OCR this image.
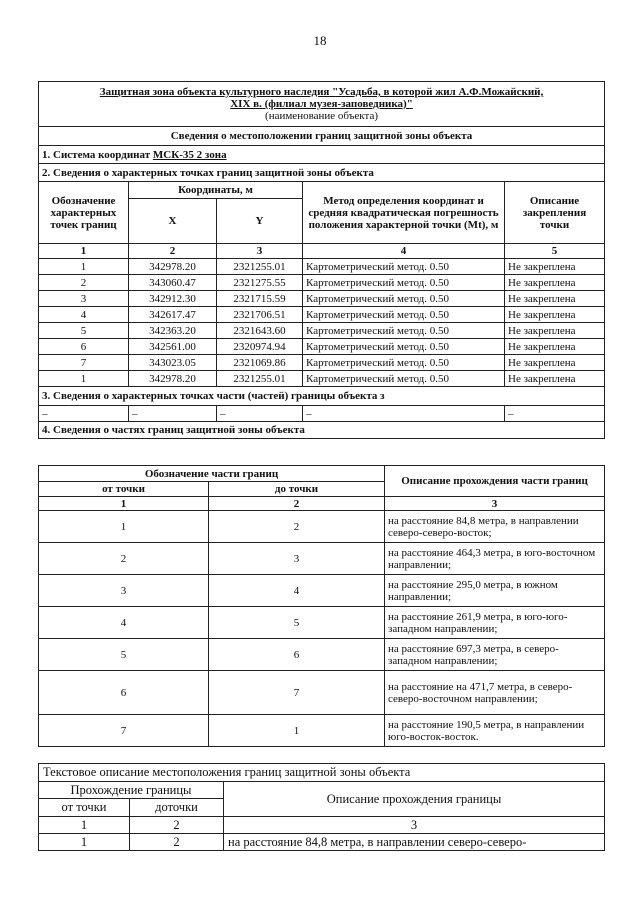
18
Защитная зона объекта культурного наследия "Усадьба, в которой жил А.Ф.Можайский,
XIX в. (филиал музея-заповедника)"
(наименование объекта)				

Сведения о местоположении границ защитной зоны объекта				
1. Система координат МСК-35 2 зона				
2. Сведения о характерных точках границ защитной зоны объекта				
Обозначение характерных точек границ	Координаты, м		Метод определения координат и средняя квадратическая погрешность положения характерной точки (Mt), м	Описание закрепления точки
	X	Y		
1	2	3	4	5
1	342978.20	2321255.01	Картометрический метод. 0.50	Не закреплена
2	343060.47	2321275.55	Картометрический метод. 0.50	Не закреплена
3	342912.30	2321715.59	Картометрический метод. 0.50	Не закреплена
4	342617.47	2321706.51	Картометрический метод. 0.50	Не закреплена
5	342363.20	2321643.60	Картометрический метод. 0.50	Не закреплена
6	342561.00	2320974.94	Картометрический метод. 0.50	Не закреплена
7	343023.05	2321069.86	Картометрический метод. 0.50	Не закреплена
1	342978.20	2321255.01	Картометрический метод. 0.50	Не закреплена
3. Сведения о характерных точках части (частей) границы объекта з				
–	–	–	–	–
4. Сведения о частях границ защитной зоны объекта				
Обозначение части границ		Описание прохождения части границ
от точки	до точки	
1	2	3
1	2	на расстояние 84,8 метра, в направлении северо-северо-восток;
2	3	на расстояние 464,3 метра, в юго-восточном направлении;
3	4	на расстояние 295,0 метра, в южном направлении;
4	5	на расстояние 261,9 метра, в юго-юго-западном направлении;
5	6	на расстояние 697,3 метра, в северо-западном направлении;
6	7	на расстояние на 471,7 метра, в северо-северо-восточном направлении;
7	1	на расстояние 190,5 метра, в направлении юго-восток-восток.
Текстовое описание местоположения границ защитной зоны объекта		
Прохождение границы		Описание прохождения границы
от точки	доточки	
1	2	3
1	2	на расстояние 84,8 метра, в направлении северо-северо-
